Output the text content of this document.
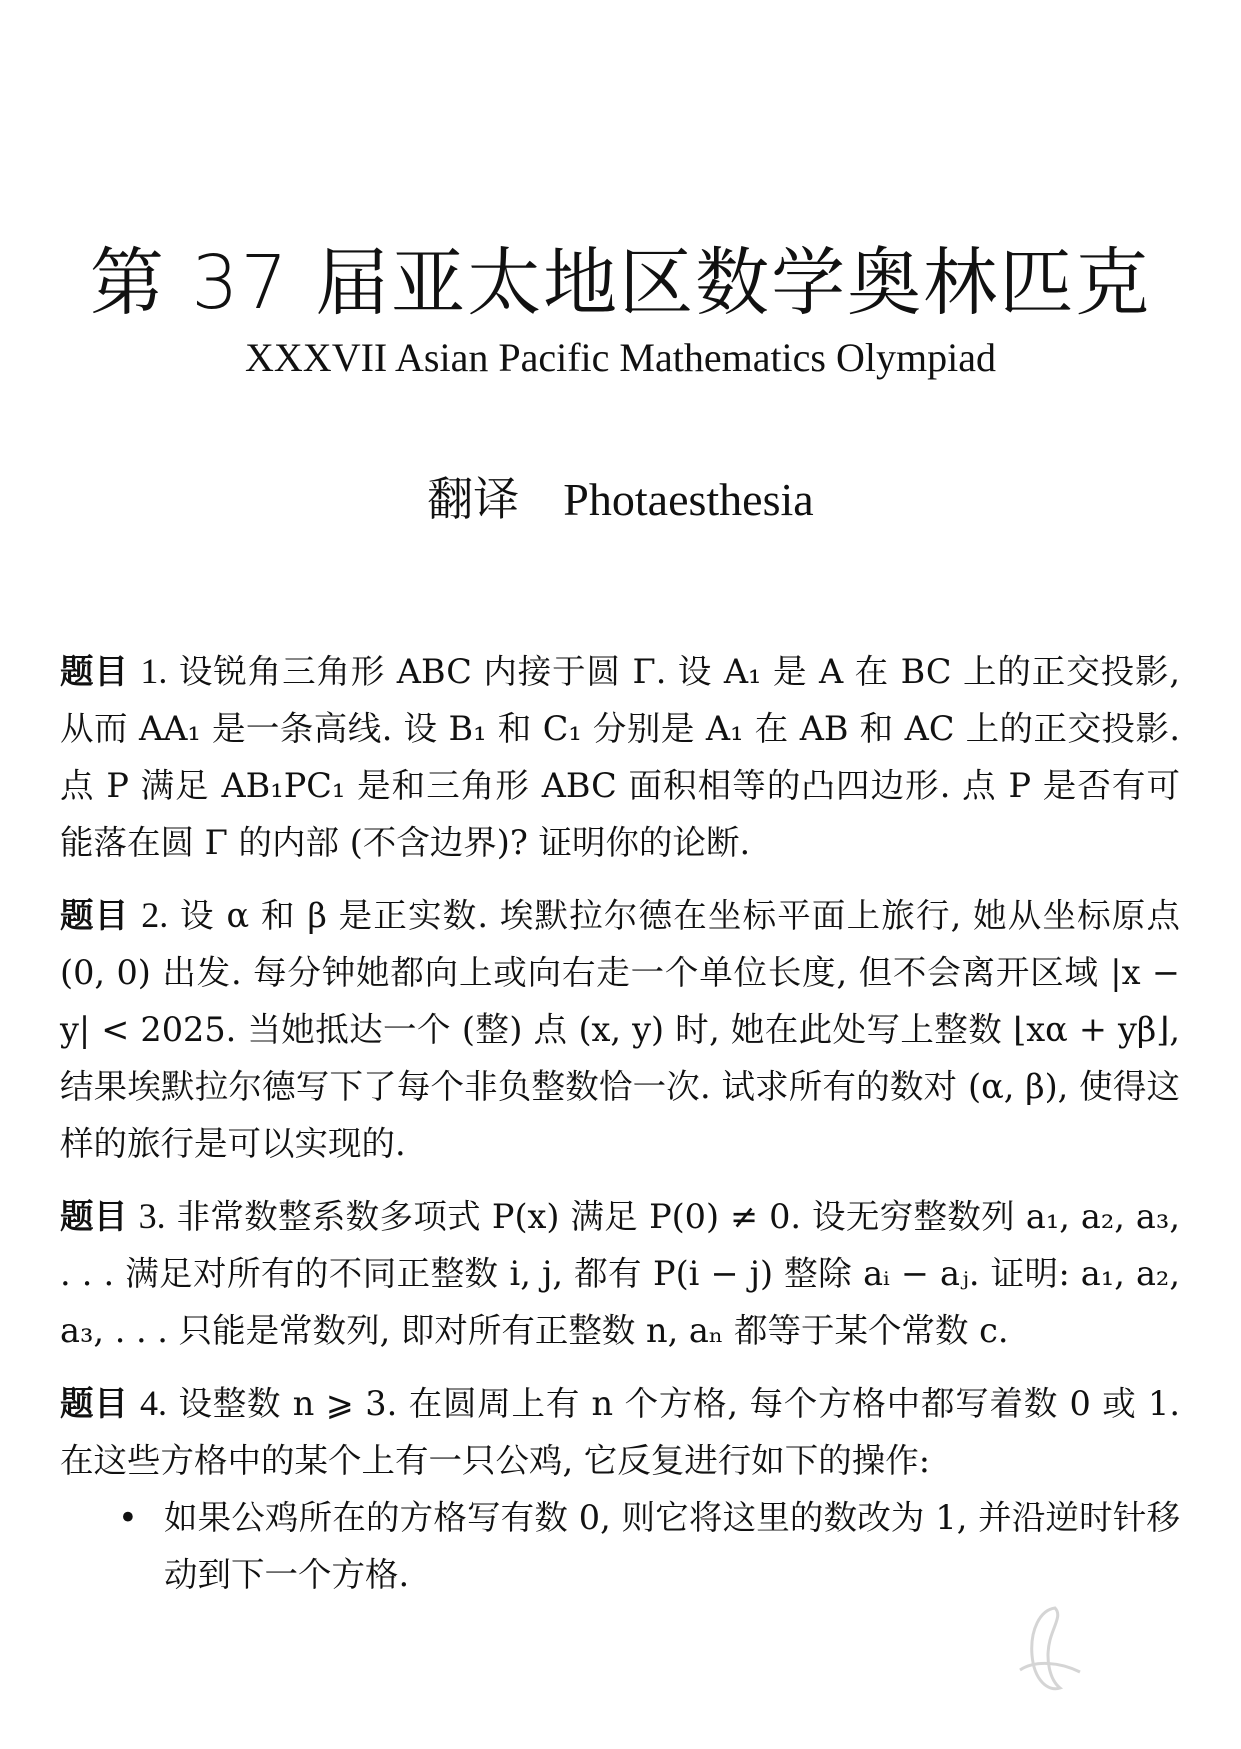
第 37 届亚太地区数学奥林匹克
XXXVII Asian Pacific Mathematics Olympiad
翻译 Photaesthesia

题目 1. 设锐角三角形 ABC 内接于圆 Γ. 设 A₁ 是 A 在 BC 上的正交投影, 从而 AA₁ 是一条高线. 设 B₁ 和 C₁ 分别是 A₁ 在 AB 和 AC 上的正交投影. 点 P 满足 AB₁PC₁ 是和三角形 ABC 面积相等的凸四边形. 点 P 是否有可能落在圆 Γ 的内部 (不含边界)? 证明你的论断.

题目 2. 设 α 和 β 是正实数. 埃默拉尔德在坐标平面上旅行, 她从坐标原点 (0, 0) 出发. 每分钟她都向上或向右走一个单位长度, 但不会离开区域 |x − y| < 2025. 当她抵达一个 (整) 点 (x, y) 时, 她在此处写上整数 ⌊xα + yβ⌋, 结果埃默拉尔德写下了每个非负整数恰一次. 试求所有的数对 (α, β), 使得这样的旅行是可以实现的.

题目 3. 非常数整系数多项式 P(x) 满足 P(0) ≠ 0. 设无穷整数列 a₁, a₂, a₃, . . . 满足对所有的不同正整数 i, j, 都有 P(i − j) 整除 aᵢ − aⱼ. 证明: a₁, a₂, a₃, . . . 只能是常数列, 即对所有正整数 n, aₙ 都等于某个常数 c.

题目 4. 设整数 n ⩾ 3. 在圆周上有 n 个方格, 每个方格中都写着数 0 或 1. 在这些方格中的某个上有一只公鸡, 它反复进行如下的操作:
• 如果公鸡所在的方格写有数 0, 则它将这里的数改为 1, 并沿逆时针移动到下一个方格.
